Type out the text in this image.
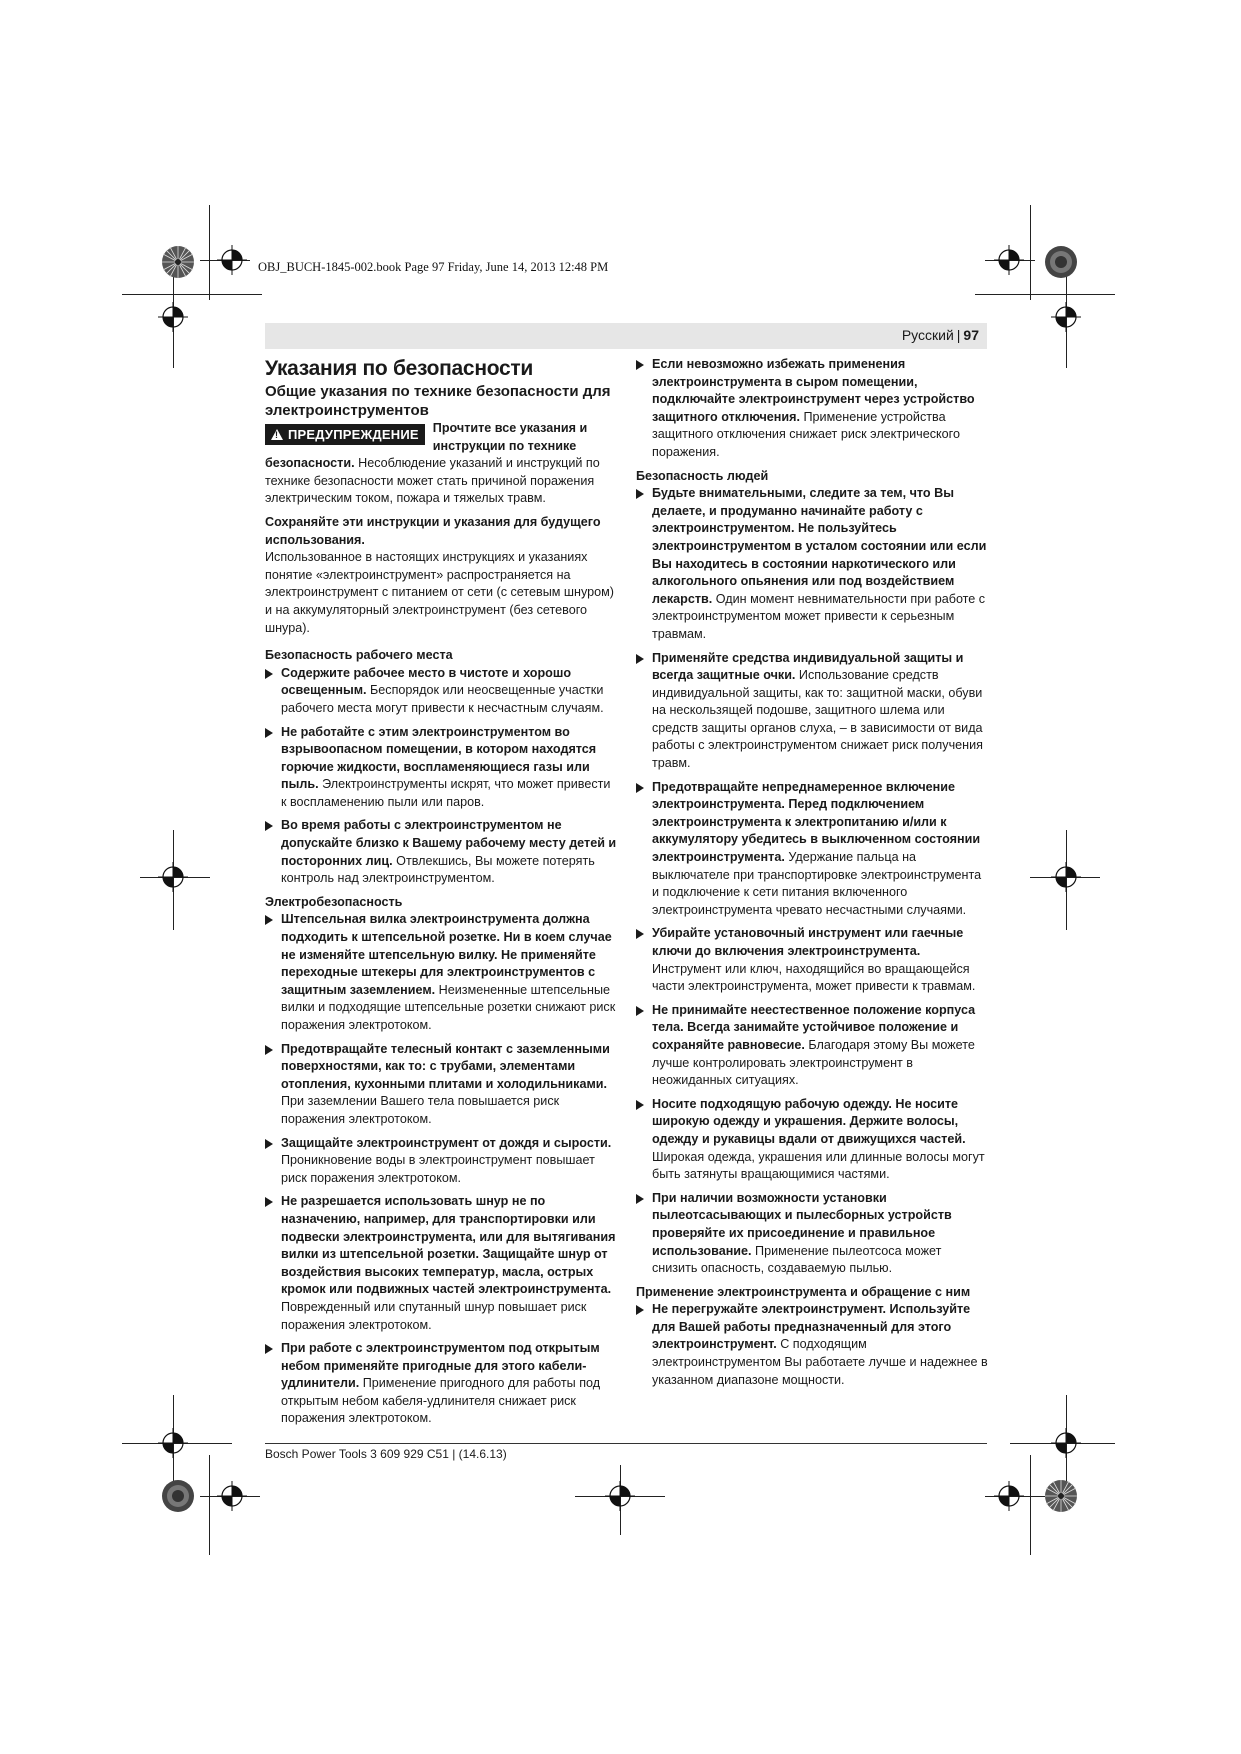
OBJ_BUCH-1845-002.book Page 97 Friday, June 14, 2013 12:48 PM
Русский | 97

Указания по безопасности

Общие указания по технике безопасности для электроинструментов

!ПРЕДУПРЕЖДЕНИЕ	Прочтите все указания и инструкции по технике безопасности. Несоблюдение указаний и инструкций по технике безопасности может стать причиной поражения электрическим током, пожара и тяжелых травм.

Сохраняйте эти инструкции и указания для будущего использования.

Использованное в настоящих инструкциях и указаниях понятие «электроинструмент» распространяется на электроинструмент с питанием от сети (с сетевым шнуром) и на аккумуляторный электроинструмент (без сетевого шнура).

Безопасность рабочего места

Содержите рабочее место в чистоте и хорошо освещенным. Беспорядок или неосвещенные участки рабочего места могут привести к несчастным случаям.

Не работайте с этим электроинструментом во взрывоопасном помещении, в котором находятся горючие жидкости, воспламеняющиеся газы или пыль. Электроинструменты искрят, что может привести к воспламенению пыли или паров.

Во время работы с электроинструментом не допускайте близко к Вашему рабочему месту детей и посторонних лиц. Отвлекшись, Вы можете потерять контроль над электроинструментом.

Электробезопасность

Штепсельная вилка электроинструмента должна подходить к штепсельной розетке. Ни в коем случае не изменяйте штепсельную вилку. Не применяйте переходные штекеры для электроинструментов с защитным заземлением. Неизмененные штепсельные вилки и подходящие штепсельные розетки снижают риск поражения электротоком.

Предотвращайте телесный контакт с заземленными поверхностями, как то: с трубами, элементами отопления, кухонными плитами и холодильниками. При заземлении Вашего тела повышается риск поражения электротоком.

Защищайте электроинструмент от дождя и сырости. Проникновение воды в электроинструмент повышает риск поражения электротоком.

Не разрешается использовать шнур не по назначению, например, для транспортировки или подвески электроинструмента, или для вытягивания вилки из штепсельной розетки. Защищайте шнур от воздействия высоких температур, масла, острых кромок или подвижных частей электроинструмента. Поврежденный или спутанный шнур повышает риск поражения электротоком.

При работе с электроинструментом под открытым небом применяйте пригодные для этого кабели-удлинители. Применение пригодного для работы под открытым небом кабеля-удлинителя снижает риск поражения электротоком.

Если невозможно избежать применения электроинструмента в сыром помещении, подключайте электроинструмент через устройство защитного отключения. Применение устройства защитного отключения снижает риск электрического поражения.

Безопасность людей

Будьте внимательными, следите за тем, что Вы делаете, и продуманно начинайте работу с электроинструментом. Не пользуйтесь электроинструментом в усталом состоянии или если Вы находитесь в состоянии наркотического или алкогольного опьянения или под воздействием лекарств. Один момент невнимательности при работе с электроинструментом может привести к серьезным травмам.

Применяйте средства индивидуальной защиты и всегда защитные очки. Использование средств индивидуальной защиты, как то: защитной маски, обуви на нескользящей подошве, защитного шлема или средств защиты органов слуха, – в зависимости от вида работы с электроинструментом снижает риск получения травм.

Предотвращайте непреднамеренное включение электроинструмента. Перед подключением электроинструмента к электропитанию и/или к аккумулятору убедитесь в выключенном состоянии электроинструмента. Удержание пальца на выключателе при транспортировке электроинструмента и подключение к сети питания включенного электроинструмента чревато несчастными случаями.

Убирайте установочный инструмент или гаечные ключи до включения электроинструмента. Инструмент или ключ, находящийся во вращающейся части электроинструмента, может привести к травмам.

Не принимайте неестественное положение корпуса тела. Всегда занимайте устойчивое положение и сохраняйте равновесие. Благодаря этому Вы можете лучше контролировать электроинструмент в неожиданных ситуациях.

Носите подходящую рабочую одежду. Не носите широкую одежду и украшения. Держите волосы, одежду и рукавицы вдали от движущихся частей. Широкая одежда, украшения или длинные волосы могут быть затянуты вращающимися частями.

При наличии возможности установки пылеотсасывающих и пылесборных устройств проверяйте их присоединение и правильное использование. Применение пылеотсоса может снизить опасность, создаваемую пылью.

Применение электроинструмента и обращение с ним

Не перегружайте электроинструмент. Используйте для Вашей работы предназначенный для этого электроинструмент. С подходящим электроинструментом Вы работаете лучше и надежнее в указанном диапазоне мощности.

Bosch Power Tools 3 609 929 C51 | (14.6.13)
